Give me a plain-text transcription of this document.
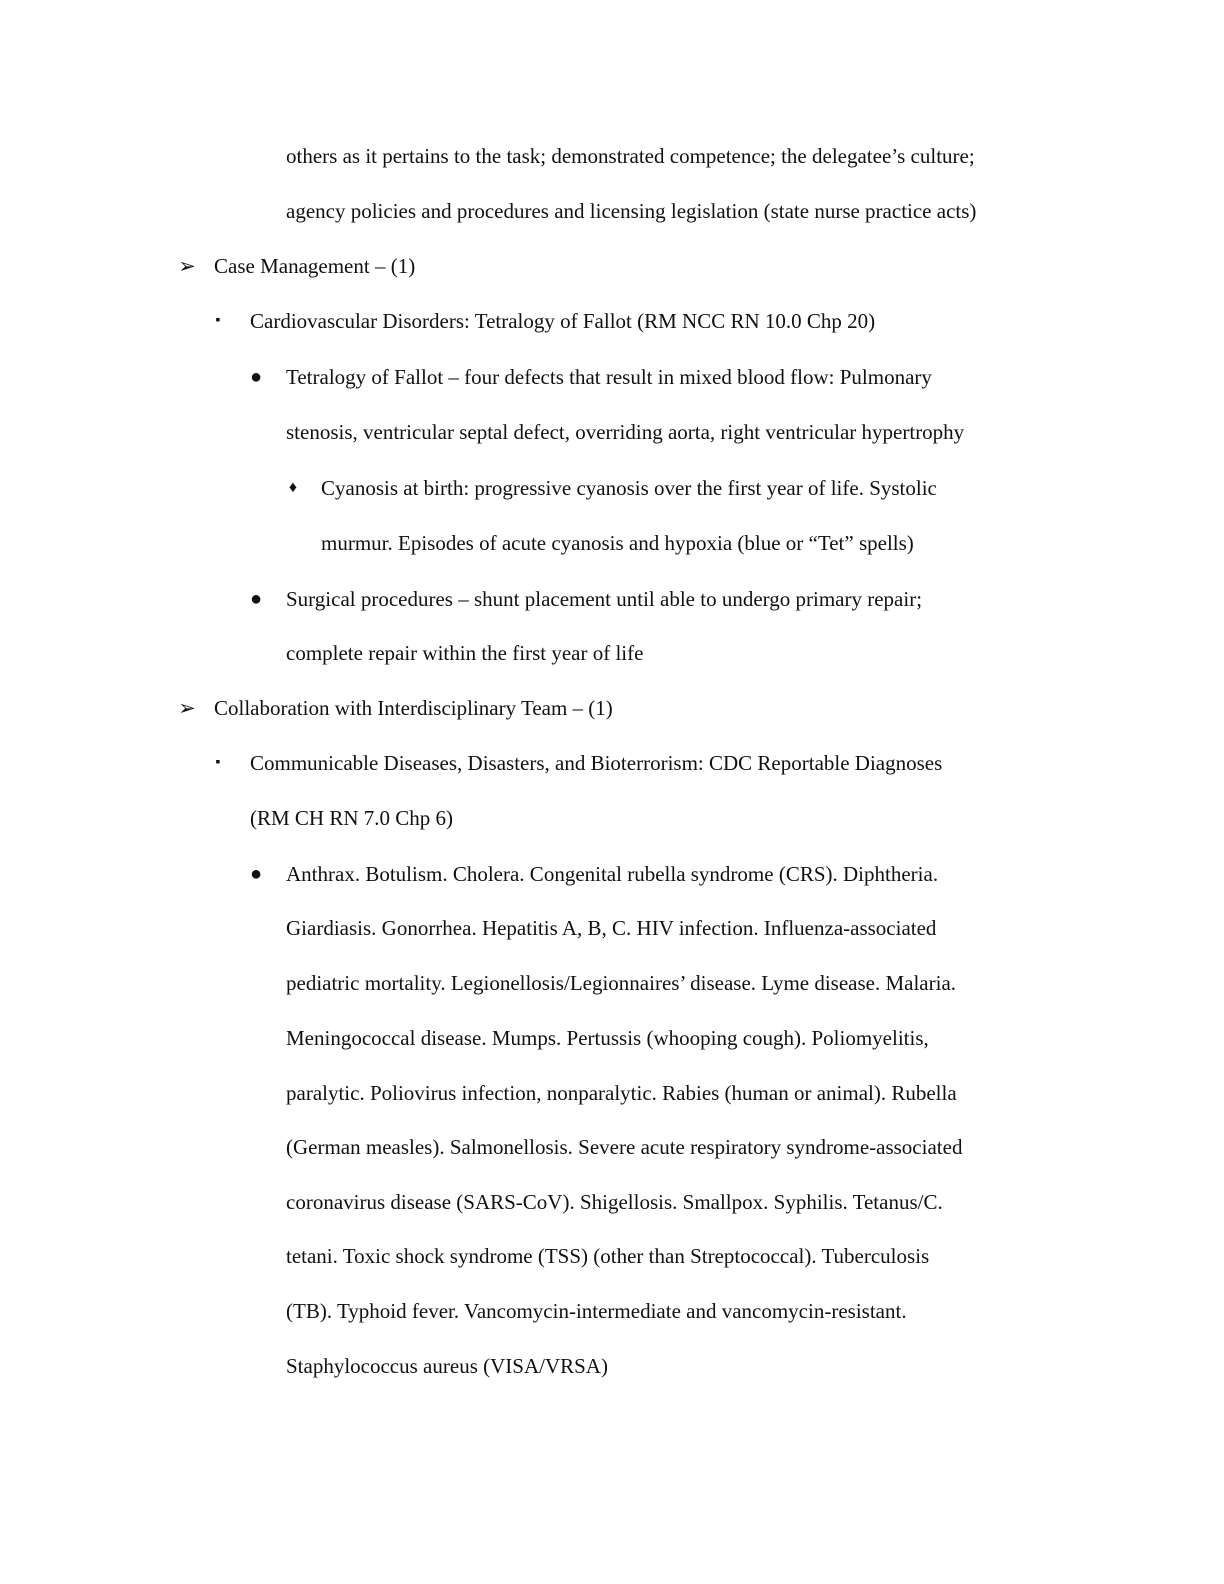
others as it pertains to the task; demonstrated competence; the delegatee’s culture;
agency policies and procedures and licensing legislation (state nurse practice acts)
➢ Case Management – (1)
▪ Cardiovascular Disorders: Tetralogy of Fallot (RM NCC RN 10.0 Chp 20)
● Tetralogy of Fallot – four defects that result in mixed blood flow: Pulmonary
stenosis, ventricular septal defect, overriding aorta, right ventricular hypertrophy
♦ Cyanosis at birth: progressive cyanosis over the first year of life. Systolic
murmur. Episodes of acute cyanosis and hypoxia (blue or “Tet” spells)
● Surgical procedures – shunt placement until able to undergo primary repair;
complete repair within the first year of life
➢ Collaboration with Interdisciplinary Team – (1)
▪ Communicable Diseases, Disasters, and Bioterrorism: CDC Reportable Diagnoses
(RM CH RN 7.0 Chp 6)
● Anthrax. Botulism. Cholera. Congenital rubella syndrome (CRS). Diphtheria.
Giardiasis. Gonorrhea. Hepatitis A, B, C. HIV infection. Influenza-associated
pediatric mortality. Legionellosis/Legionnaires’ disease. Lyme disease. Malaria.
Meningococcal disease. Mumps. Pertussis (whooping cough). Poliomyelitis,
paralytic. Poliovirus infection, nonparalytic. Rabies (human or animal). Rubella
(German measles). Salmonellosis. Severe acute respiratory syndrome-associated
coronavirus disease (SARS-CoV). Shigellosis. Smallpox. Syphilis. Tetanus/C.
tetani. Toxic shock syndrome (TSS) (other than Streptococcal). Tuberculosis
(TB). Typhoid fever. Vancomycin-intermediate and vancomycin-resistant.
Staphylococcus aureus (VISA/VRSA)
